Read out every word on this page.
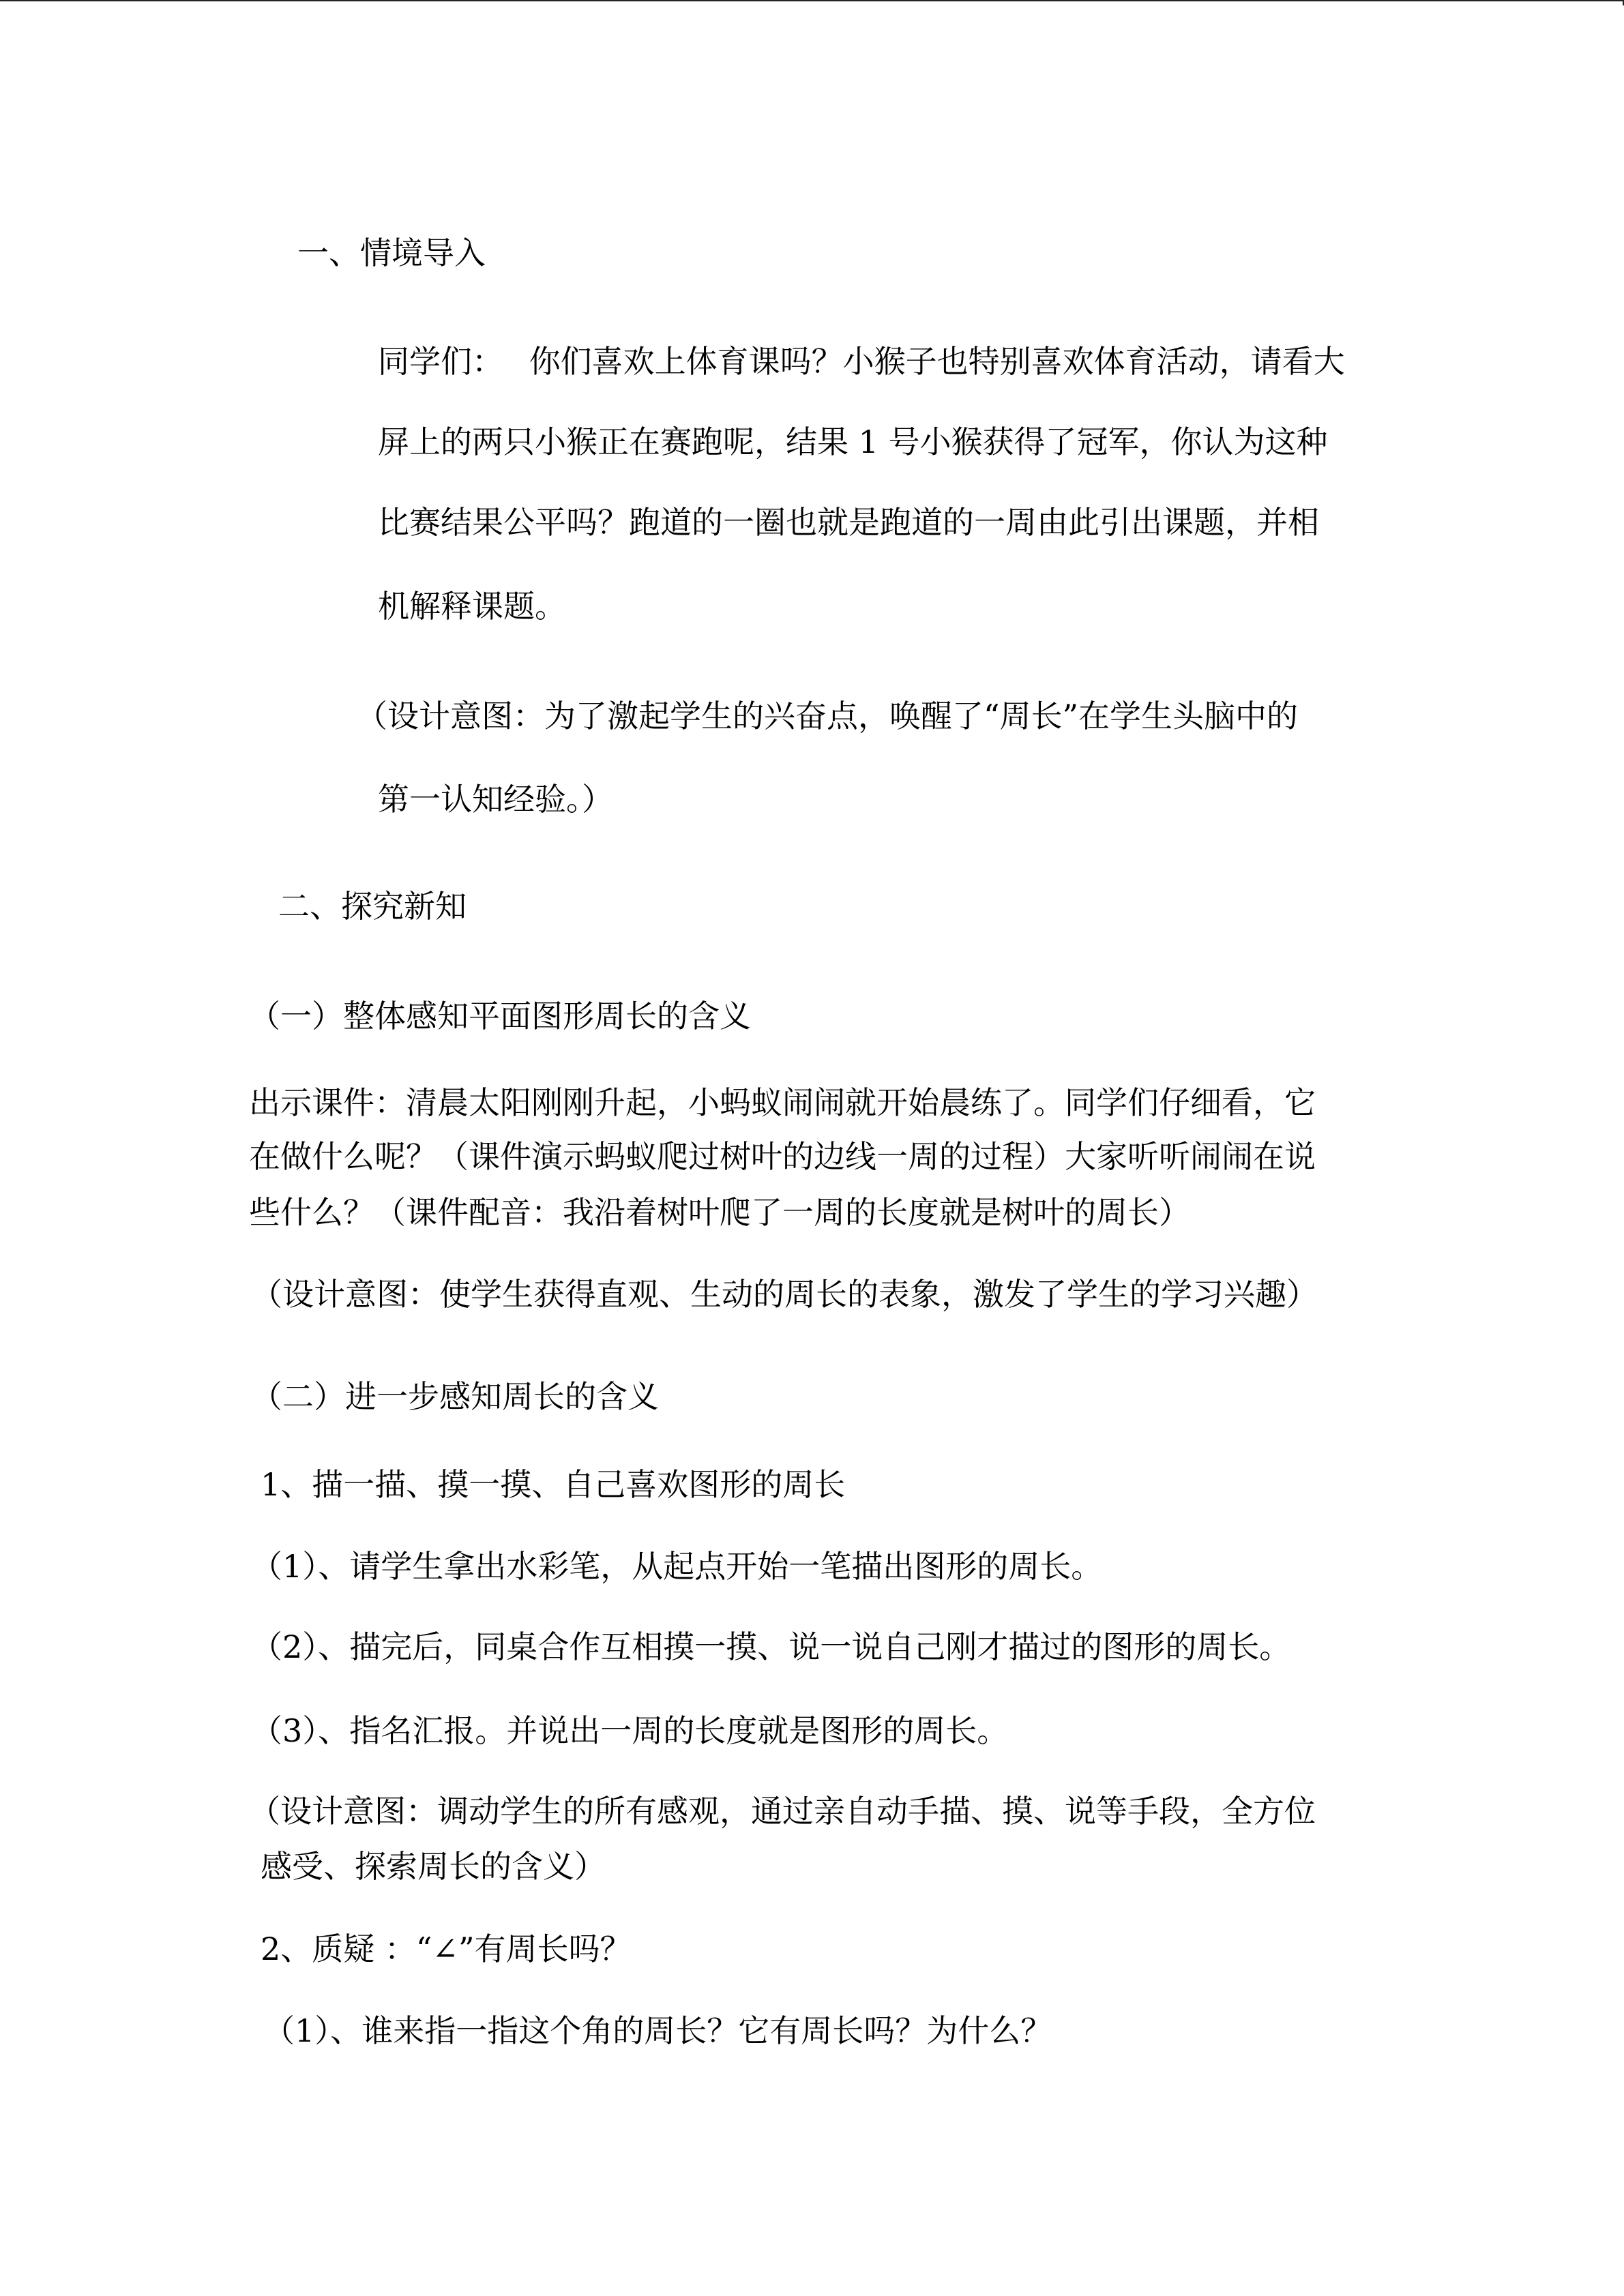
一、情境导入
同学们：　 你们喜欢上体育课吗？小猴子也特别喜欢体育活动，请看大
屏上的两只小猴正在赛跑呢，结果 1 号小猴获得了冠军，你认为这种
比赛结果公平吗？跑道的一圈也就是跑道的一周由此引出课题，并相
机解释课题。
（设计意图：为了激起学生的兴奋点，唤醒了“周长”在学生头脑中的
第一认知经验。）
二、探究新知
（一）整体感知平面图形周长的含义
出示课件：清晨太阳刚刚升起，小蚂蚁闹闹就开始晨练了。同学们仔细看，它
在做什么呢？（课件演示蚂蚁爬过树叶的边线一周的过程）大家听听闹闹在说
些什么？（课件配音：我沿着树叶爬了一周的长度就是树叶的周长）
（设计意图：使学生获得直观、生动的周长的表象，激发了学生的学习兴趣）
（二）进一步感知周长的含义
1、描一描、摸一摸、自己喜欢图形的周长
（1）、请学生拿出水彩笔，从起点开始一笔描出图形的周长。
（2）、描完后，同桌合作互相摸一摸、说一说自己刚才描过的图形的周长。
（3）、指名汇报。并说出一周的长度就是图形的周长。
（设计意图：调动学生的所有感观，通过亲自动手描、摸、说等手段，全方位
感受、探索周长的含义）
2、质疑 ：“∠”有周长吗？
（1）、谁来指一指这个角的周长？它有周长吗？为什么？
